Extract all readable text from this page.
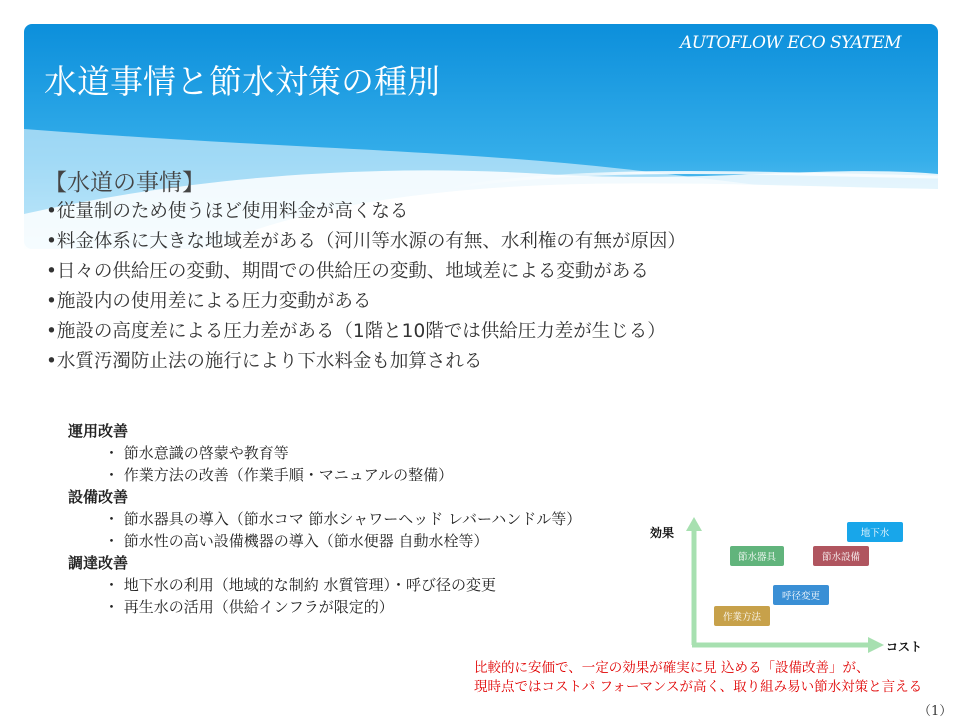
AUTOFLOW ECO SYATEM
水道事情と節水対策の種別
【水道の事情】
•従量制のため使うほど使用料金が高くなる
•料金体系に大きな地域差がある（河川等水源の有無、水利権の有無が原因）
•日々の供給圧の変動、期間での供給圧の変動、地域差による変動がある
•施設内の使用差による圧力変動がある
•施設の高度差による圧力差がある（1階と10階では供給圧力差が生じる）
•水質汚濁防止法の施行により下水料金も加算される
運用改善
・ 節水意識の啓蒙や教育等
・ 作業方法の改善（作業手順・マニュアルの整備）
設備改善
・ 節水器具の導入（節水コマ 節水シャワーヘッド レバーハンドル等）
・ 節水性の高い設備機器の導入（節水便器 自動水栓等）
調達改善
・ 地下水の利用（地域的な制約 水質管理）・呼び径の変更
・ 再生水の活用（供給インフラが限定的）
効果
コスト
地下水
節水器具	節水設備
呼径変更
作業方法
比較的に安価で、一定の効果が確実に見 込める「設備改善」が、
現時点ではコストパ フォーマンスが高く、取り組み易い節水対策と言える
（1）
